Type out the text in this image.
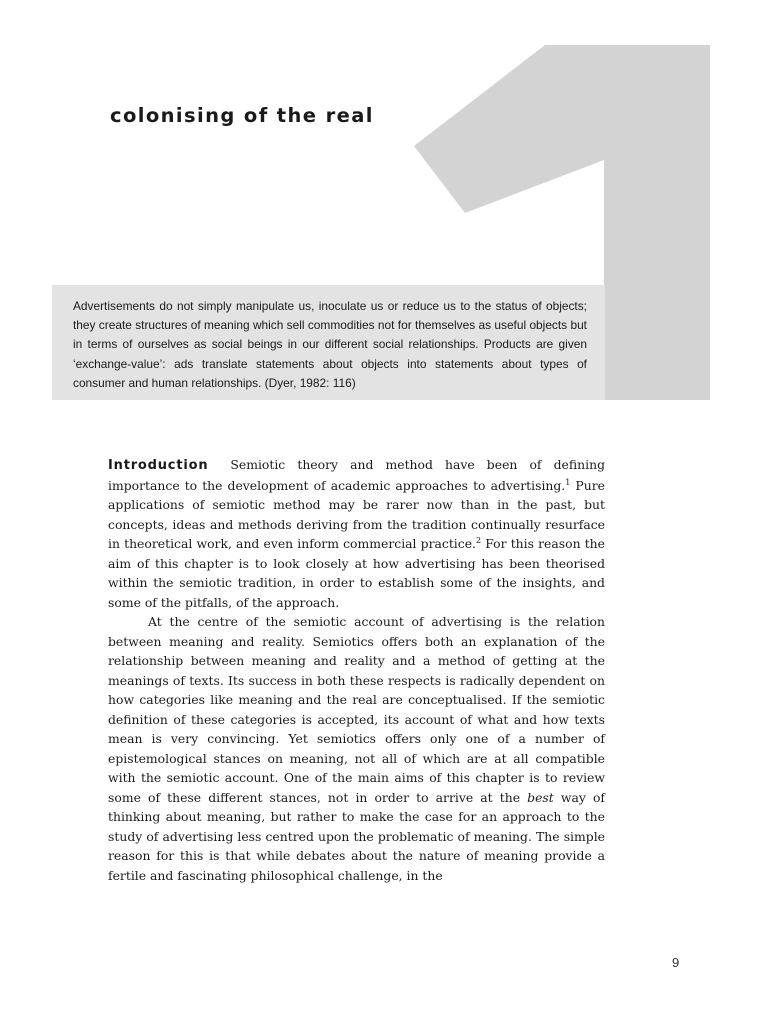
colonising of the real

Advertisements do not simply manipulate us, inoculate us or reduce us to the status of objects; they create structures of meaning which sell commodities not for themselves as useful objects but in terms of ourselves as social beings in our different social relationships. Products are given ‘exchange-value’: ads translate statements about objects into statements about types of consumer and human relationships. (Dyer, 1982: 116)

Introduction Semiotic theory and method have been of defining importance to the development of academic approaches to advertising.$^1$ Pure applications of semiotic method may be rarer now than in the past, but concepts, ideas and methods deriving from the tradition continually resurface in theoretical work, and even inform commercial practice.$^2$ For this reason the aim of this chapter is to look closely at how advertising has been theorised within the semiotic tradition, in order to establish some of the insights, and some of the pitfalls, of the approach.

At the centre of the semiotic account of advertising is the relation between meaning and reality. Semiotics offers both an explanation of the relationship between meaning and reality and a method of getting at the meanings of texts. Its success in both these respects is radically dependent on how categories like meaning and the real are conceptualised. If the semiotic definition of these categories is accepted, its account of what and how texts mean is very convincing. Yet semiotics offers only one of a number of epistemological stances on meaning, not all of which are at all compatible with the semiotic account. One of the main aims of this chapter is to review some of these different stances, not in order to arrive at the best way of thinking about meaning, but rather to make the case for an approach to the study of advertising less centred upon the problematic of meaning. The simple reason for this is that while debates about the nature of meaning provide a fertile and fascinating philosophical challenge, in the

9
